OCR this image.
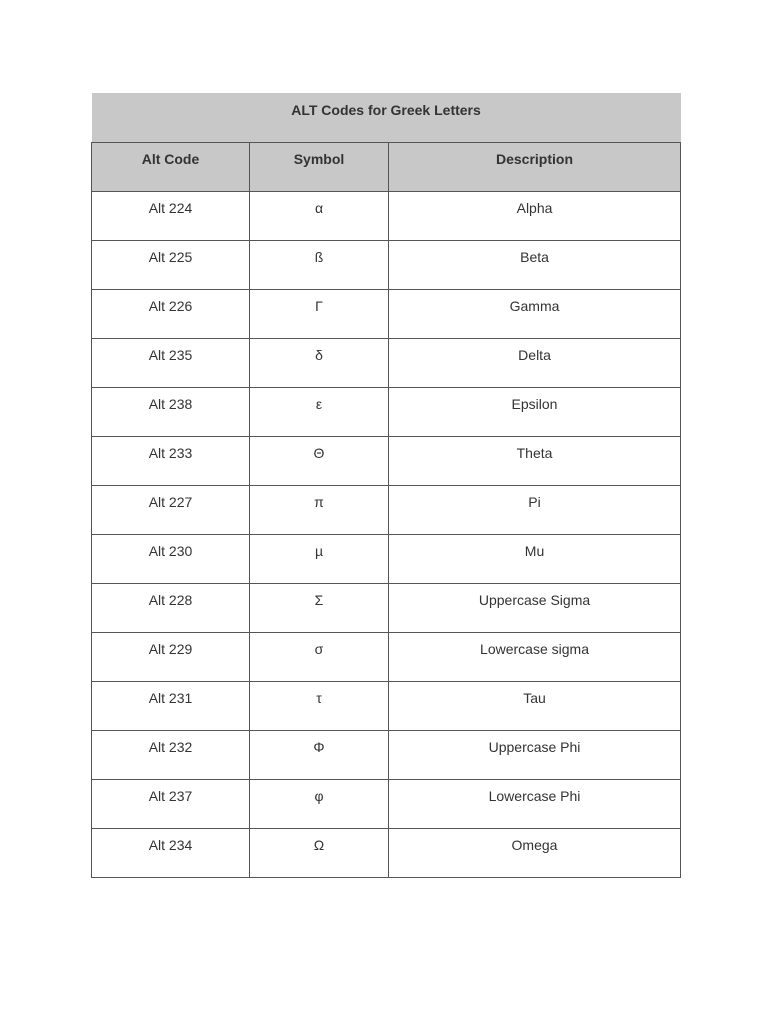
ALT Codes for Greek Letters		
Alt Code	Symbol	Description
Alt 224	α	Alpha
Alt 225	ß	Beta
Alt 226	Γ	Gamma
Alt 235	δ	Delta
Alt 238	ε	Epsilon
Alt 233	Θ	Theta
Alt 227	π	Pi
Alt 230	µ	Mu
Alt 228	Σ	Uppercase Sigma
Alt 229	σ	Lowercase sigma
Alt 231	τ	Tau
Alt 232	Φ	Uppercase Phi
Alt 237	φ	Lowercase Phi
Alt 234	Ω	Omega
